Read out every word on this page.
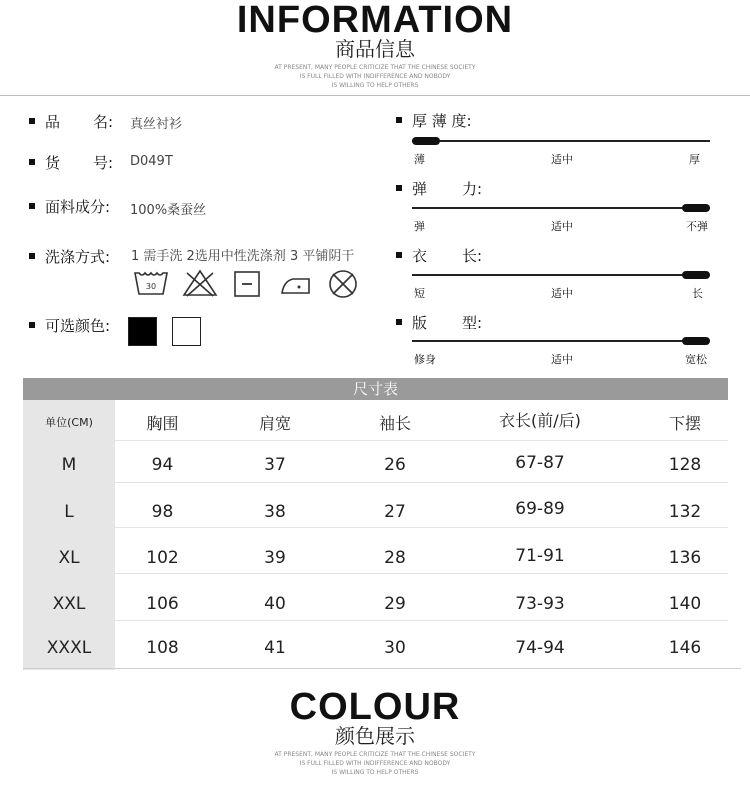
INFORMATION
商品信息
AT PRESENT, MANY PEOPLE CRITICIZE THAT THE CHINESE SOCIETY
IS FULL FILLED WITH INDIFFERENCE AND NOBODY
IS WILLING TO HELP OTHERS
品 名: 真丝衬衫
货 号: D049T
面料成分: 100%桑蚕丝
洗涤方式: 1 需手洗 2选用中性洗涤剂 3 平铺阴干
30
可选颜色:
厚 薄 度:
薄	适中	厚
弹 力:
弹	适中	不弹
衣 长:
短	适中	长
版 型:
修身	适中	宽松
尺寸表
单位(CM)	胸围	肩宽	袖长	衣长(前/后)	下摆
M	94	37	26	67-87	128
L	98	38	27	69-89	132
XL	102	39	28	71-91	136
XXL	106	40	29	73-93	140
XXXL	108	41	30	74-94	146
COLOUR
颜色展示
AT PRESENT, MANY PEOPLE CRITICIZE THAT THE CHINESE SOCIETY
IS FULL FILLED WITH INDIFFERENCE AND NOBODY
IS WILLING TO HELP OTHERS
